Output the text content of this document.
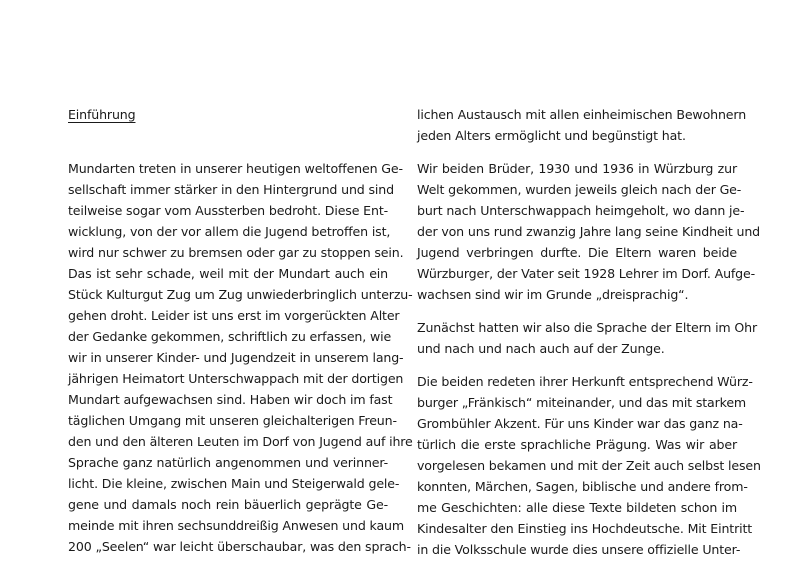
Einführung
Mundarten treten in unserer heutigen weltoffenen Ge-
sellschaft immer stärker in den Hintergrund und sind
teilweise sogar vom Aussterben bedroht. Diese Ent-
wicklung, von der vor allem die Jugend betroffen ist,
wird nur schwer zu bremsen oder gar zu stoppen sein.
Das ist sehr schade, weil mit der Mundart auch ein
Stück Kulturgut Zug um Zug unwiederbringlich unterzu-
gehen droht. Leider ist uns erst im vorgerückten Alter
der Gedanke gekommen, schriftlich zu erfassen, wie
wir in unserer Kinder- und Jugendzeit in unserem lang-
jährigen Heimatort Unterschwappach mit der dortigen
Mundart aufgewachsen sind. Haben wir doch im fast
täglichen Umgang mit unseren gleichalterigen Freun-
den und den älteren Leuten im Dorf von Jugend auf ihre
Sprache ganz natürlich angenommen und verinner-
licht. Die kleine, zwischen Main und Steigerwald gele-
gene und damals noch rein bäuerlich geprägte Ge-
meinde mit ihren sechsunddreißig Anwesen und kaum
200 „Seelen“ war leicht überschaubar, was den sprach-
lichen Austausch mit allen einheimischen Bewohnern
jeden Alters ermöglicht und begünstigt hat.
Wir beiden Brüder, 1930 und 1936 in Würzburg zur
Welt gekommen, wurden jeweils gleich nach der Ge-
burt nach Unterschwappach heimgeholt, wo dann je-
der von uns rund zwanzig Jahre lang seine Kindheit und
Jugend verbringen durfte. Die Eltern waren beide
Würzburger, der Vater seit 1928 Lehrer im Dorf. Aufge-
wachsen sind wir im Grunde „dreisprachig“.
Zunächst hatten wir also die Sprache der Eltern im Ohr
und nach und nach auch auf der Zunge.
Die beiden redeten ihrer Herkunft entsprechend Würz-
burger „Fränkisch“ miteinander, und das mit starkem
Grombühler Akzent. Für uns Kinder war das ganz na-
türlich die erste sprachliche Prägung. Was wir aber
vorgelesen bekamen und mit der Zeit auch selbst lesen
konnten, Märchen, Sagen, biblische und andere from-
me Geschichten: alle diese Texte bildeten schon im
Kindesalter den Einstieg ins Hochdeutsche. Mit Eintritt
in die Volksschule wurde dies unsere offizielle Unter-
